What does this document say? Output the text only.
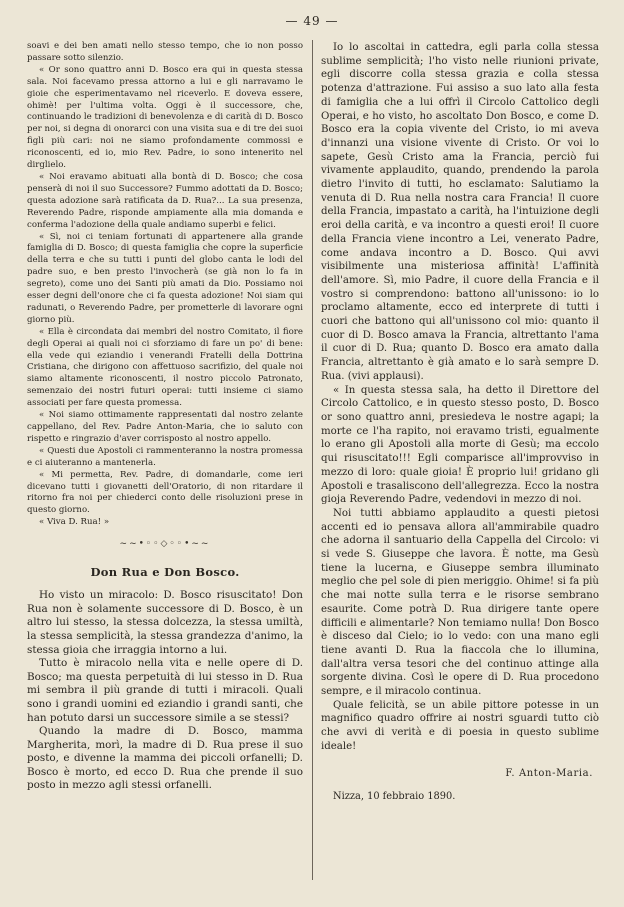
— 49 —

soavi e dei ben amati nello stesso tempo, che io non posso passare sotto silenzio.

« Or sono quattro anni D. Bosco era qui in questa stessa sala. Noi facevamo pressa attorno a lui e gli narravamo le gioie che esperimentavamo nel riceverlo. E doveva essere, ohimè! per l'ultima volta. Oggi è il successore, che, continuando le tradizioni di benevolenza e di carità di D. Bosco per noi, si degna di onorarci con una visita sua e di tre dei suoi figli più cari: noi ne siamo profondamente commossi e riconoscenti, ed io, mio Rev. Padre, io sono intenerito nel dirglielo.

« Noi eravamo abituati alla bontà di D. Bosco; che cosa penserà di noi il suo Successore? Fummo adottati da D. Bosco; questa adozione sarà ratificata da D. Rua?... La sua presenza, Reverendo Padre, risponde ampiamente alla mia domanda e conferma l'adozione della quale andiamo superbi e felici.

« Sì, noi ci teniam fortunati di appartenere alla grande famiglia di D. Bosco; di questa famiglia che copre la superficie della terra e che su tutti i punti del globo canta le lodi del padre suo, e ben presto l'invocherà (se già non lo fa in segreto), come uno dei Santi più amati da Dio. Possiamo noi esser degni dell'onore che ci fa questa adozione! Noi siam qui radunati, o Reverendo Padre, per prometterle di lavorare ogni giorno più.

« Ella è circondata dai membri del nostro Comitato, il fiore degli Operai ai quali noi ci sforziamo di fare un po' di bene: ella vede qui eziandio i venerandi Fratelli della Dottrina Cristiana, che dirigono con affettuoso sacrifizio, del quale noi siamo altamente riconoscenti, il nostro piccolo Patronato, semenzaio dei nostri futuri operai: tutti insieme ci siamo associati per fare questa promessa.

« Noi siamo ottimamente rappresentati dal nostro zelante cappellano, del Rev. Padre Anton-Maria, che io saluto con rispetto e ringrazio d'aver corrisposto al nostro appello.

« Questi due Apostoli ci rammenteranno la nostra promessa e ci aiuteranno a mantenerla.

« Mi permetta, Rev. Padre, di domandarle, come ieri dicevano tutti i giovanetti dell'Oratorio, di non ritardare il ritorno fra noi per chiederci conto delle risoluzioni prese in questo giorno.

« Viva D. Rua! »

~~•◦◦◇◦◦•~~
Don Rua e Don Bosco.

Ho visto un miracolo: D. Bosco risuscitato! Don Rua non è solamente successore di D. Bosco, è un altro lui stesso, la stessa dolcezza, la stessa umiltà, la stessa semplicità, la stessa grandezza d'animo, la stessa gioia che irraggia intorno a lui.

Tutto è miracolo nella vita e nelle opere di D. Bosco; ma questa perpetuità di lui stesso in D. Rua mi sembra il più grande di tutti i miracoli. Quali sono i grandi uomini ed eziandio i grandi santi, che han potuto darsi un successore simile a se stessi?

Quando la madre di D. Bosco, mamma Margherita, morì, la madre di D. Rua prese il suo posto, e divenne la mamma dei piccoli orfanelli; D. Bosco è morto, ed ecco D. Rua che prende il suo posto in mezzo agli stessi orfanelli.

Io lo ascoltai in cattedra, egli parla colla stessa sublime semplicità; l'ho visto nelle riunioni private, egli discorre colla stessa grazia e colla stessa potenza d'attrazione. Fui assiso a suo lato alla festa di famiglia che a lui offrì il Circolo Cattolico degli Operai, e ho visto, ho ascoltato Don Bosco, e come D. Bosco era la copia vivente del Cristo, io mi aveva d'innanzi una visione vivente di Cristo. Or voi lo sapete, Gesù Cristo ama la Francia, perciò fui vivamente applaudito, quando, prendendo la parola dietro l'invito di tutti, ho esclamato: Salutiamo la venuta di D. Rua nella nostra cara Francia! Il cuore della Francia, impastato a carità, ha l'intuizione degli eroi della carità, e va incontro a questi eroi! Il cuore della Francia viene incontro a Lei, venerato Padre, come andava incontro a D. Bosco. Qui avvi visibilmente una misteriosa affinità! L'affinità dell'amore. Sì, mio Padre, il cuore della Francia e il vostro si comprendono: battono all'unissono: io lo proclamo altamente, ecco ed interprete di tutti i cuori che battono qui all'unissono col mio: quanto il cuor di D. Bosco amava la Francia, altrettanto l'ama il cuor di D. Rua; quanto D. Bosco era amato dalla Francia, altrettanto è già amato e lo sarà sempre D. Rua. (vivi applausi).

« In questa stessa sala, ha detto il Direttore del Circolo Cattolico, e in questo stesso posto, D. Bosco or sono quattro anni, presiedeva le nostre agapi; la morte ce l'ha rapito, noi eravamo tristi, egualmente lo erano gli Apostoli alla morte di Gesù; ma eccolo qui risuscitato!!! Egli comparisce all'improvviso in mezzo di loro: quale gioia! È proprio lui! gridano gli Apostoli e trasaliscono dell'allegrezza. Ecco la nostra gioja Reverendo Padre, vedendovi in mezzo di noi.

Noi tutti abbiamo applaudito a questi pietosi accenti ed io pensava allora all'ammirabile quadro che adorna il santuario della Cappella del Circolo: vi si vede S. Giuseppe che lavora. È notte, ma Gesù tiene la lucerna, e Giuseppe sembra illuminato meglio che pel sole di pien meriggio. Ohime! si fa più che mai notte sulla terra e le risorse sembrano esaurite. Come potrà D. Rua dirigere tante opere difficili e alimentarle? Non temiamo nulla! Don Bosco è disceso dal Cielo; io lo vedo: con una mano egli tiene avanti D. Rua la fiaccola che lo illumina, dall'altra versa tesori che del continuo attinge alla sorgente divina. Così le opere di D. Rua procedono sempre, e il miracolo continua.

Quale felicità, se un abile pittore potesse in un magnifico quadro offrire ai nostri sguardi tutto ciò che avvi di verità e di poesia in questo sublime ideale!

F. Anton-Maria.
Nizza, 10 febbraio 1890.
